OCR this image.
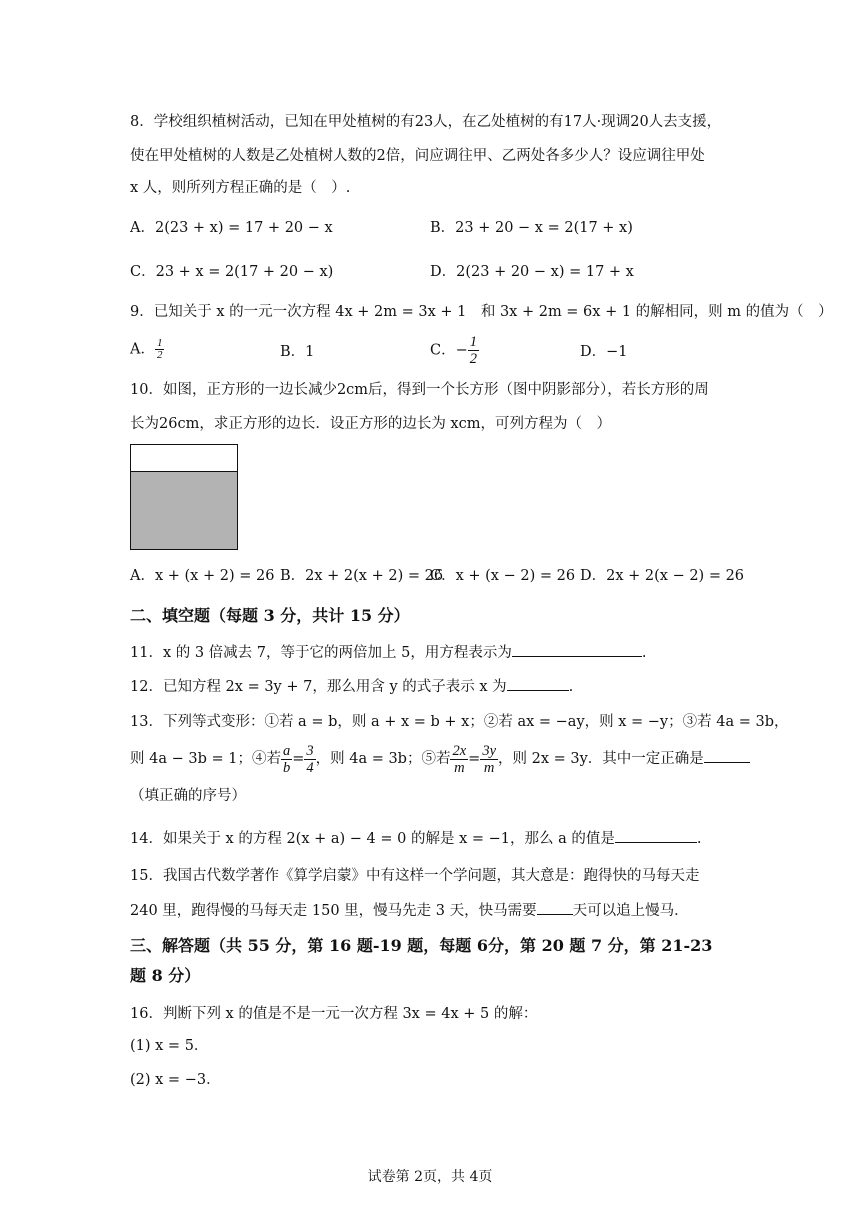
8．学校组织植树活动，已知在甲处植树的有23人，在乙处植树的有17人·现调20人去支援，
使在甲处植树的人数是乙处植树人数的2倍，问应调往甲、乙两处各多少人？设应调往甲处
x 人，则所列方程正确的是（　）.
A．2(23 + x) = 17 + 20 − x	B．23 + 20 − x = 2(17 + x)
C．23 + x = 2(17 + 20 − x)	D．2(23 + 20 − x) = 17 + x
9．已知关于 x 的一元一次方程 4x + 2m = 3x + 1　和 3x + 2m = 6x + 1 的解相同，则 m 的值为（　）
A． $\frac{1}{2}$	B．1	C．− $\frac{1}{2}$	D．−1
10．如图，正方形的一边长减少2cm后，得到一个长方形（图中阴影部分），若长方形的周
长为26cm，求正方形的边长．设正方形的边长为 xcm，可列方程为（　）
A．x + (x + 2) = 26 B．2x + 2(x + 2) = 26
C．x + (x − 2) = 26 D．2x + 2(x − 2) = 26
二、填空题（每题 3 分，共计 15 分）
11．x 的 3 倍减去 7，等于它的两倍加上 5，用方程表示为	.
12．已知方程 2x = 3y + 7，那么用含 y 的式子表示 x 为	.
13．下列等式变形：①若 a = b，则 a + x = b + x；②若 ax = −ay，则 x = −y；③若 4a = 3b，
则 4a − 3b = 1；④若 $\frac{a}{b} = \frac{3}{4}$ ，则 4a = 3b；⑤若 $\frac{2x}{m} = \frac{3y}{m}$ ，则 2x = 3y．其中一定正确是
（填正确的序号）
14．如果关于 x 的方程 2(x + a) − 4 = 0 的解是 x = −1，那么 a 的值是	.
15．我国古代数学著作《算学启蒙》中有这样一个学问题，其大意是：跑得快的马每天走
240 里，跑得慢的马每天走 150 里，慢马先走 3 天，快马需要 天可以追上慢马．
三、解答题（共 55 分，第 16 题-19 题，每题 6分，第 20 题 7 分，第 21-23
题 8 分）
16．判断下列 x 的值是不是一元一次方程 3x = 4x + 5 的解：
(1) x = 5．
(2) x = −3．
试卷第 2页，共 4页
